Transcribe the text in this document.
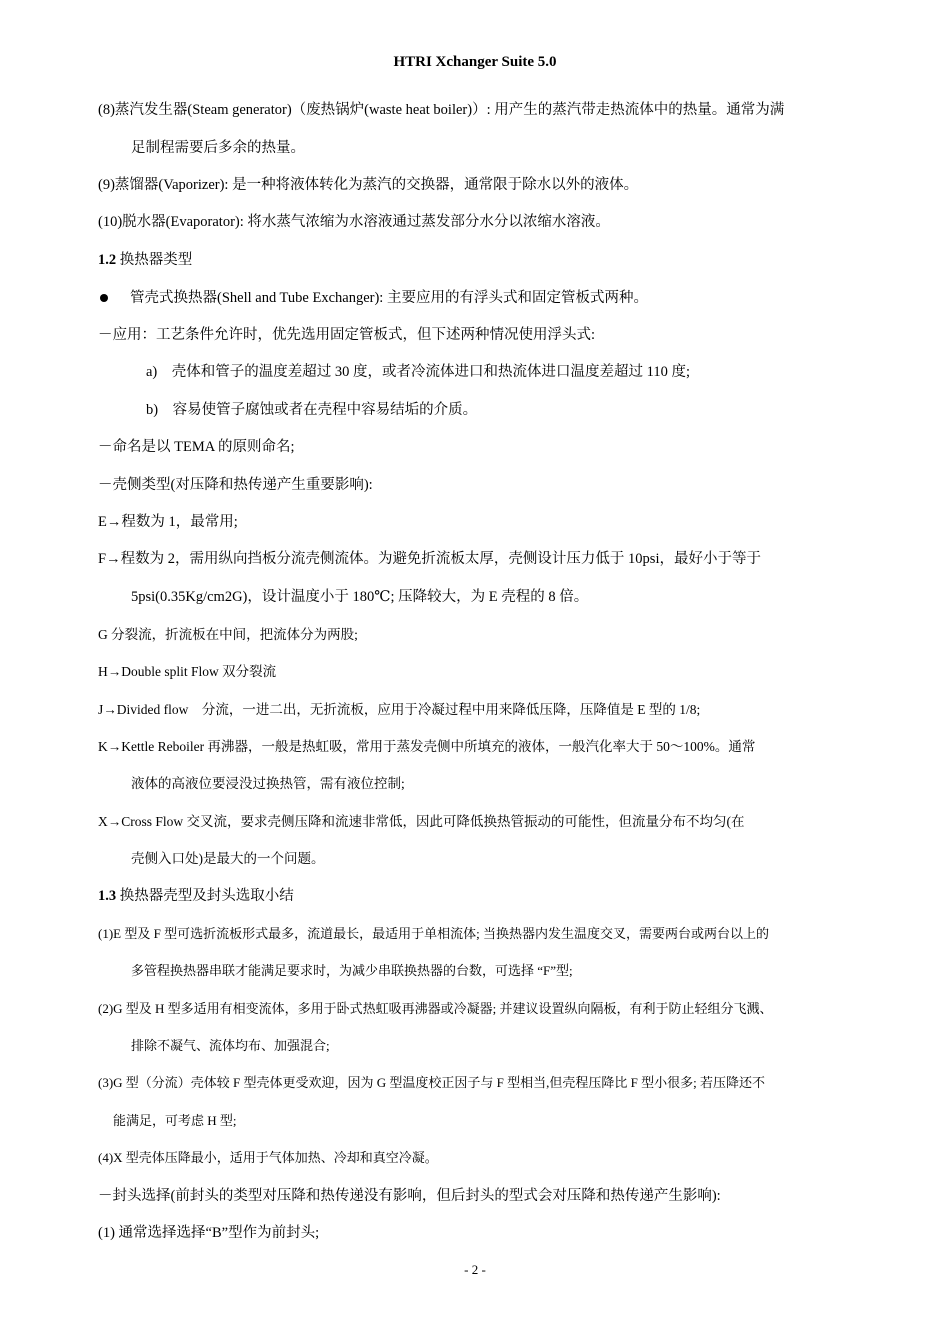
HTRI Xchanger Suite 5.0
(8)蒸汽发生器(Steam generator)（废热锅炉(waste heat boiler)）: 用产生的蒸汽带走热流体中的热量。通常为满
足制程需要后多余的热量。
(9)蒸馏器(Vaporizer): 是一种将液体转化为蒸汽的交换器，通常限于除水以外的液体。
(10)脱水器(Evaporator): 将水蒸气浓缩为水溶液通过蒸发部分水分以浓缩水溶液。
1.2 换热器类型
管壳式换热器(Shell and Tube Exchanger): 主要应用的有浮头式和固定管板式两种。
－应用：工艺条件允许时，优先选用固定管板式，但下述两种情况使用浮头式:
a)　壳体和管子的温度差超过 30 度，或者冷流体进口和热流体进口温度差超过 110 度;
b)　容易使管子腐蚀或者在壳程中容易结垢的介质。
－命名是以 TEMA 的原则命名;
－壳侧类型(对压降和热传递产生重要影响):
E→程数为 1，最常用;
F→程数为 2，需用纵向挡板分流壳侧流体。为避免折流板太厚，壳侧设计压力低于 10psi，最好小于等于
5psi(0.35Kg/cm2G)，设计温度小于 180℃; 压降较大，为 E 壳程的 8 倍。
G 分裂流，折流板在中间，把流体分为两股;
H→Double split Flow 双分裂流
J→Divided flow　分流，一进二出，无折流板，应用于冷凝过程中用来降低压降，压降值是 E 型的 1/8;
K→Kettle Reboiler 再沸器，一般是热虹吸，常用于蒸发壳侧中所填充的液体，一般汽化率大于 50～100%。通常
液体的高液位要浸没过换热管，需有液位控制;
X→Cross Flow 交叉流，要求壳侧压降和流速非常低，因此可降低换热管振动的可能性，但流量分布不均匀(在
壳侧入口处)是最大的一个问题。
1.3 换热器壳型及封头选取小结
(1)E 型及 F 型可选折流板形式最多，流道最长，最适用于单相流体; 当换热器内发生温度交叉，需要两台或两台以上的
多管程换热器串联才能满足要求时，为减少串联换热器的台数，可选择 “F”型;
(2)G 型及 H 型多适用有相变流体，多用于卧式热虹吸再沸器或冷凝器; 并建议设置纵向隔板，有利于防止轻组分飞溅、
排除不凝气、流体均布、加强混合;
(3)G 型（分流）壳体较 F 型壳体更受欢迎，因为 G 型温度校正因子与 F 型相当,但壳程压降比 F 型小很多; 若压降还不
能满足，可考虑 H 型;
(4)X 型壳体压降最小，适用于气体加热、冷却和真空冷凝。
－封头选择(前封头的类型对压降和热传递没有影响，但后封头的型式会对压降和热传递产生影响):
(1) 通常选择选择“B”型作为前封头;
- 2 -
